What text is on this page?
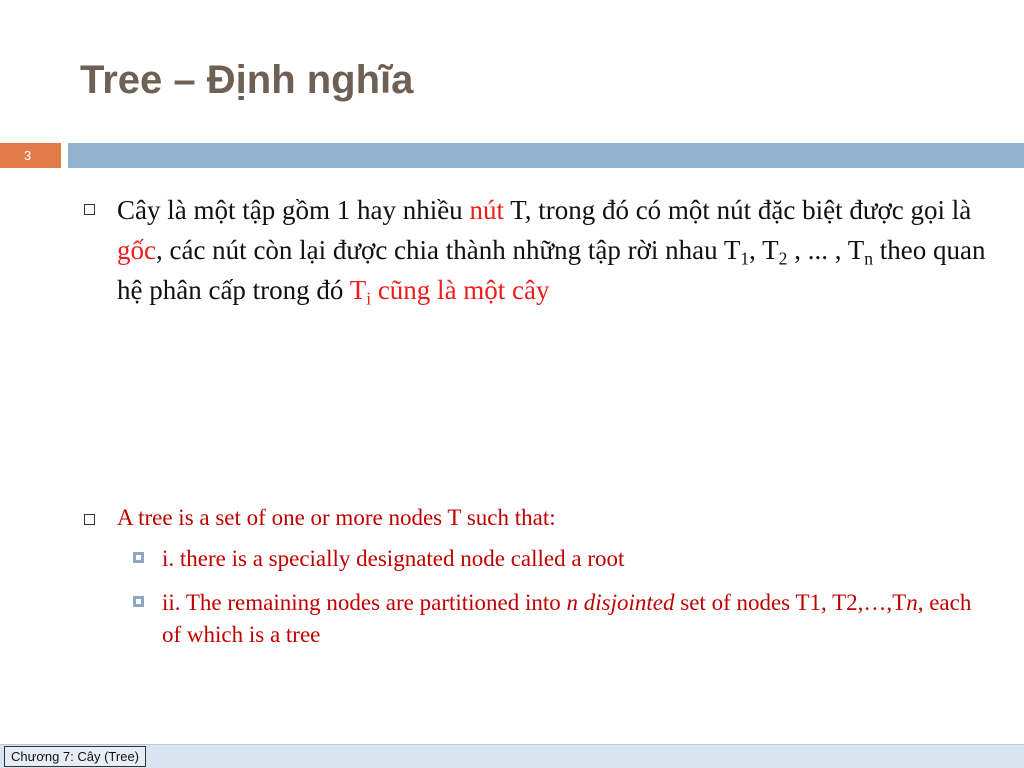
Tree – Định nghĩa
3
Cây là một tập gồm 1 hay nhiều nút T, trong đó có một nút đặc biệt được gọi là gốc, các nút còn lại được chia thành những tập rời nhau $T_1$, $T_2$ , ... , $T_n$ theo quan hệ phân cấp trong đó $T_i$ cũng là một cây
A tree is a set of one or more nodes T such that:
i. there is a specially designated node called a root
ii. The remaining nodes are partitioned into n disjointed set of nodes T1, T2,…,Tn, each of which is a tree
Chương 7: Cây (Tree)
